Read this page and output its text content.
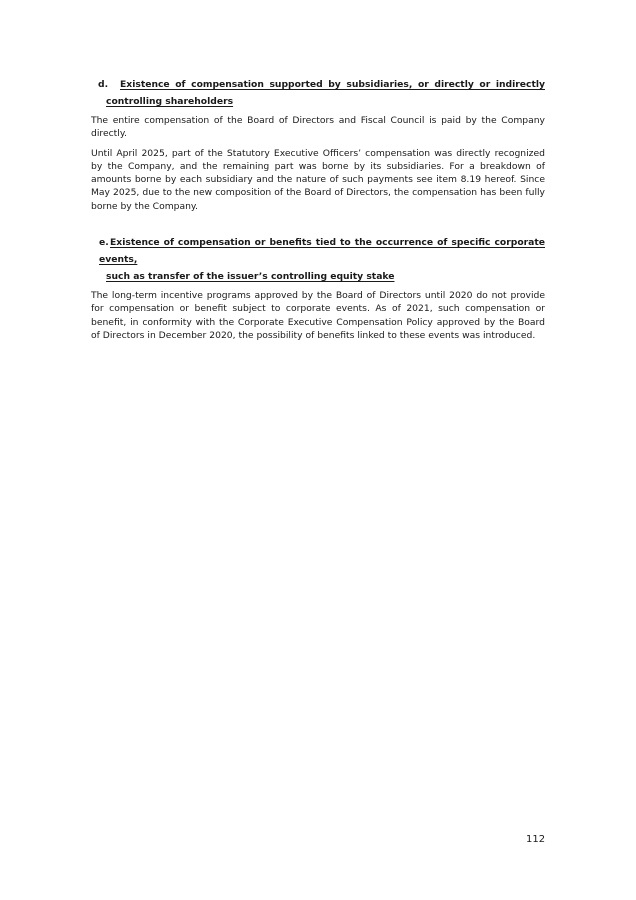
d. Existence of compensation supported by subsidiaries, or directly or indirectly
controlling shareholders

The entire compensation of the Board of Directors and Fiscal Council is paid by the Company directly.

Until April 2025, part of the Statutory Executive Officers’ compensation was directly recognized by the Company, and the remaining part was borne by its subsidiaries. For a breakdown of amounts borne by each subsidiary and the nature of such payments see item 8.19 hereof. Since May 2025, due to the new composition of the Board of Directors, the compensation has been fully borne by the Company.

e.Existence of compensation or benefits tied to the occurrence of specific corporate events,
such as transfer of the issuer’s controlling equity stake

The long-term incentive programs approved by the Board of Directors until 2020 do not provide for compensation or benefit subject to corporate events. As of 2021, such compensation or benefit, in conformity with the Corporate Executive Compensation Policy approved by the Board of Directors in December 2020, the possibility of benefits linked to these events was introduced.

112
